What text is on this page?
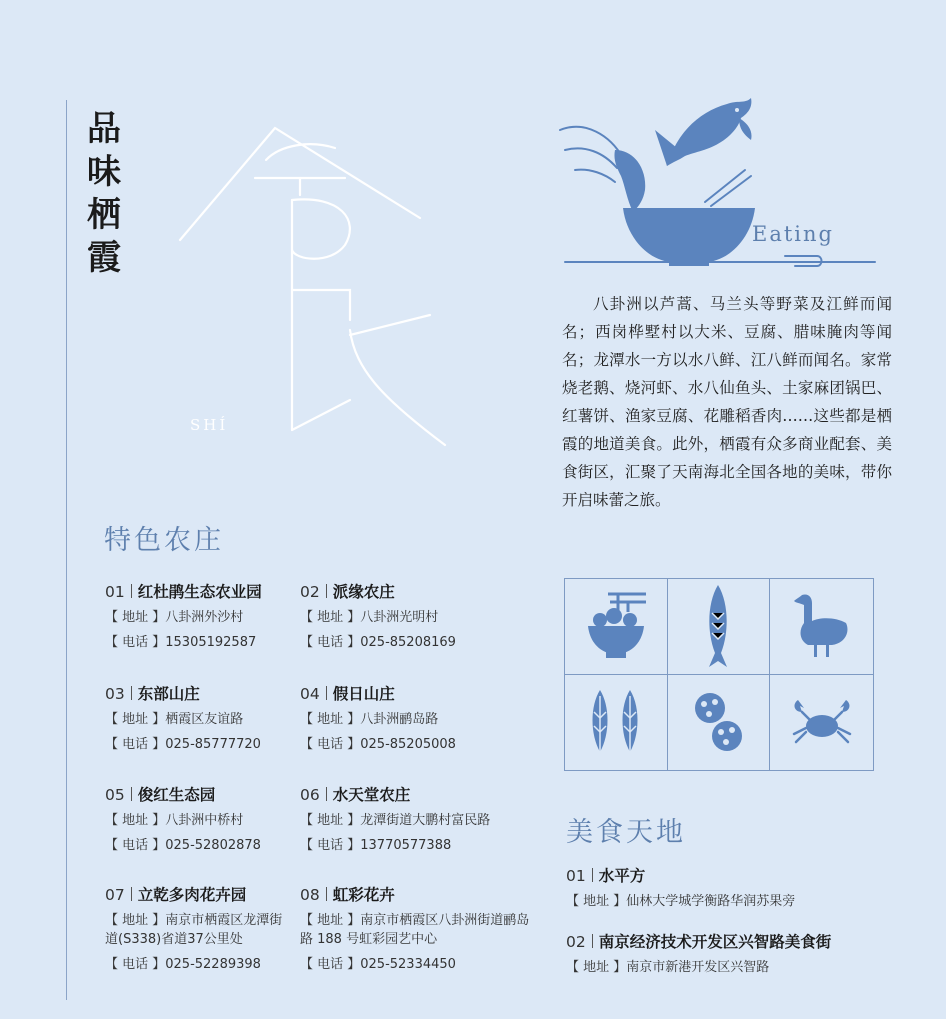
品
味
栖
霞
SHÍ
Eating

八卦洲以芦蒿、马兰头等野菜及江鲜而闻名；西岗桦墅村以大米、豆腐、腊味腌肉等闻名；龙潭水一方以水八鲜、江八鲜而闻名。家常烧老鹅、烧河虾、水八仙鱼头、土家麻团锅巴、红薯饼、渔家豆腐、花雕稻香肉……这些都是栖霞的地道美食。此外，栖霞有众多商业配套、美食街区，汇聚了天南海北全国各地的美味，带你开启味蕾之旅。

特色农庄

01 红杜鹃生态农业园

【 地址 】八卦洲外沙村

【 电话 】15305192587

02 派缘农庄

【 地址 】八卦洲光明村

【 电话 】025-85208169

03 东部山庄

【 地址 】栖霞区友谊路

【 电话 】025-85777720

04 假日山庄

【 地址 】八卦洲鹂岛路

【 电话 】025-85205008

05 俊红生态园

【 地址 】八卦洲中桥村

【 电话 】025-52802878

06 水天堂农庄

【 地址 】龙潭街道大鹏村富民路

【 电话 】13770577388

07 立乾多肉花卉园

【 地址 】南京市栖霞区龙潭街道(S338)省道37公里处

【 电话 】025-52289398

08 虹彩花卉

【 地址 】南京市栖霞区八卦洲街道鹂岛路 188 号虹彩园艺中心

【 电话 】025-52334450

美食天地

01 水平方

【 地址 】仙林大学城学衡路华润苏果旁

02 南京经济技术开发区兴智路美食街

【 地址 】南京市新港开发区兴智路
